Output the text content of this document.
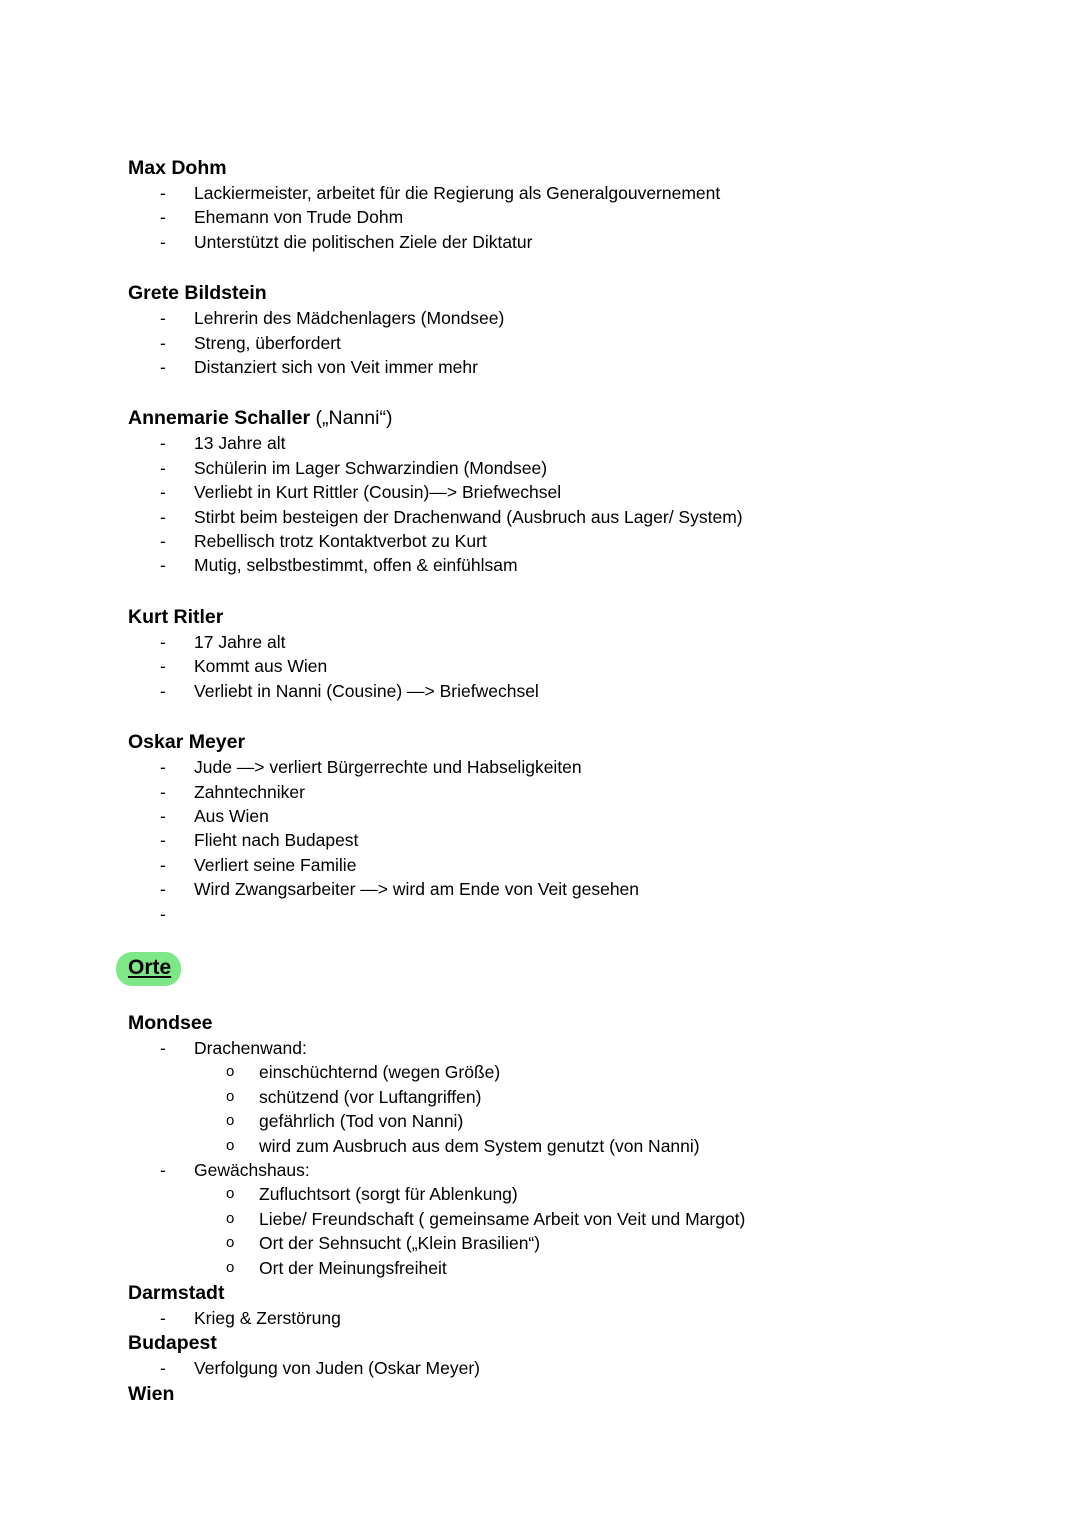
Max Dohm
- Lackiermeister, arbeitet für die Regierung als Generalgouvernement
- Ehemann von Trude Dohm
- Unterstützt die politischen Ziele der Diktatur
Grete Bildstein
- Lehrerin des Mädchenlagers (Mondsee)
- Streng, überfordert
- Distanziert sich von Veit immer mehr
Annemarie Schaller („Nanni“)
- 13 Jahre alt
- Schülerin im Lager Schwarzindien (Mondsee)
- Verliebt in Kurt Rittler (Cousin)—> Briefwechsel
- Stirbt beim besteigen der Drachenwand (Ausbruch aus Lager/ System)
- Rebellisch trotz Kontaktverbot zu Kurt
- Mutig, selbstbestimmt, offen & einfühlsam
Kurt Ritler
- 17 Jahre alt
- Kommt aus Wien
- Verliebt in Nanni (Cousine) —> Briefwechsel
Oskar Meyer
- Jude —> verliert Bürgerrechte und Habseligkeiten
- Zahntechniker
- Aus Wien
- Flieht nach Budapest
- Verliert seine Familie
- Wird Zwangsarbeiter —> wird am Ende von Veit gesehen
-
Orte
Mondsee
- Drachenwand:
o einschüchternd (wegen Größe)
o schützend (vor Luftangriffen)
o gefährlich (Tod von Nanni)
o wird zum Ausbruch aus dem System genutzt (von Nanni)
- Gewächshaus:
o Zufluchtsort (sorgt für Ablenkung)
o Liebe/ Freundschaft ( gemeinsame Arbeit von Veit und Margot)
o Ort der Sehnsucht („Klein Brasilien“)
o Ort der Meinungsfreiheit
Darmstadt
- Krieg & Zerstörung
Budapest
- Verfolgung von Juden (Oskar Meyer)
Wien
